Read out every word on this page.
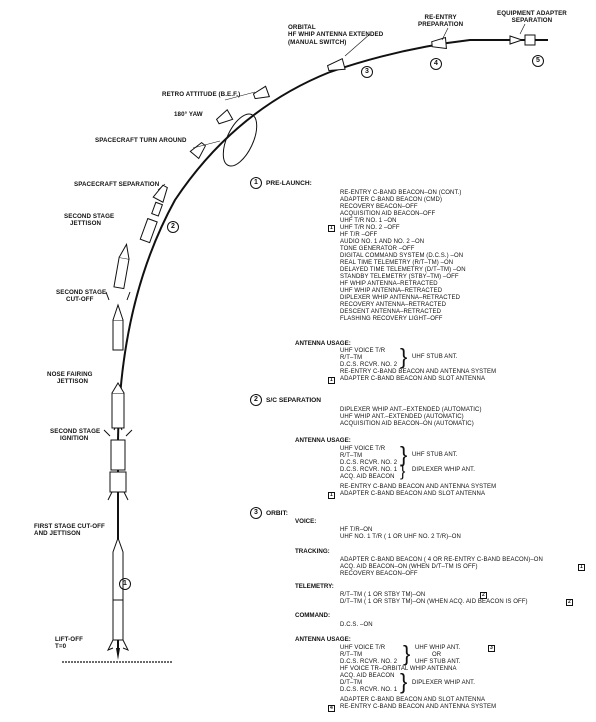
EQUIPMENT ADAPTER
SEPARATION
RE-ENTRY
PREPARATION
ORBITAL
HF WHIP ANTENNA EXTENDED
(MANUAL SWITCH)
RETRO ATTITUDE (B.E.F.)
180° YAW
SPACECRAFT TURN AROUND
SPACECRAFT SEPARATION
SECOND STAGE
JETTISON
SECOND STAGE
CUT-OFF
NOSE FAIRING
JETTISON
SECOND STAGE
IGNITION
FIRST STAGE CUT-OFF
AND JETTISON
LIFT-OFF
T=0
1
2
3
4	5
1 PRE-LAUNCH:
RE-ENTRY C-BAND BEACON–ON (CONT.)
ADAPTER C-BAND BEACON (CMD)
RECOVERY BEACON–OFF
ACQUISITION AID BEACON–OFF
UHF T/R NO. 1 –ON
UHF T/R NO. 2 –OFF
HF T/R –OFF
AUDIO NO. 1 AND NO. 2 –ON
TONE GENERATOR –OFF
DIGITAL COMMAND SYSTEM (D.C.S.) –ON
REAL TIME TELEMETRY (R/T–TM) –ON
DELAYED TIME TELEMETRY (D/T–TM) –ON
STANDBY TELEMETRY (STBY–TM) –OFF
HF WHIP ANTENNA–RETRACTED
UHF WHIP ANTENNA–RETRACTED
DIPLEXER WHIP ANTENNA–RETRACTED
RECOVERY ANTENNA–RETRACTED
DESCENT ANTENNA–RETRACTED
FLASHING RECOVERY LIGHT–OFF
1
ANTENNA USAGE:
UHF VOICE T/R
R/T–TM
D.C.S. RCVR. NO. 2 } UHF STUB ANT.
RE-ENTRY C-BAND BEACON AND ANTENNA SYSTEM
ADAPTER C-BAND BEACON AND SLOT ANTENNA
1
2 S/C SEPARATION
DIPLEXER WHIP ANT.–EXTENDED (AUTOMATIC)
UHF WHIP ANT.–EXTENDED (AUTOMATIC)
ACQUISITION AID BEACON–ON (AUTOMATIC)
ANTENNA USAGE:
UHF VOICE T/R
R/T–TM
D.C.S. RCVR. NO. 2 } UHF STUB ANT.
D.C.S. RCVR. NO. 1
ACQ. AID BEACON } DIPLEXER WHIP ANT.
RE-ENTRY C-BAND BEACON AND ANTENNA SYSTEM
ADAPTER C-BAND BEACON AND SLOT ANTENNA
1
3 ORBIT:
VOICE:
HF T/R–ON
UHF NO. 1 T/R ( 1 OR UHF NO. 2 T/R)–ON
TRACKING:
ADAPTER C-BAND BEACON ( 4 OR RE-ENTRY C-BAND BEACON)–ON
ACQ. AID BEACON–ON (WHEN D/T–TM IS OFF)
RECOVERY BEACON–OFF
TELEMETRY:
R/T–TM ( 1 OR STBY TM)–ON
D/T–TM ( 1 OR STBY TM)–ON (WHEN ACQ. AID BEACON IS OFF)
COMMAND:
D.C.S. –ON
ANTENNA USAGE:
UHF VOICE T/R
R/T–TM
D.C.S. RCVR. NO. 2 } UHF WHIP ANT.
OR
UHF STUB ANT.
HF VOICE TR–ORBITAL WHIP ANTENNA
ACQ. AID BEACON
D/T–TM
D.C.S. RCVR. NO. 1 } DIPLEXER WHIP ANT.
ADAPTER C-BAND BEACON AND SLOT ANTENNA
RE-ENTRY C-BAND BEACON AND ANTENNA SYSTEM
4
1
2
3
2
